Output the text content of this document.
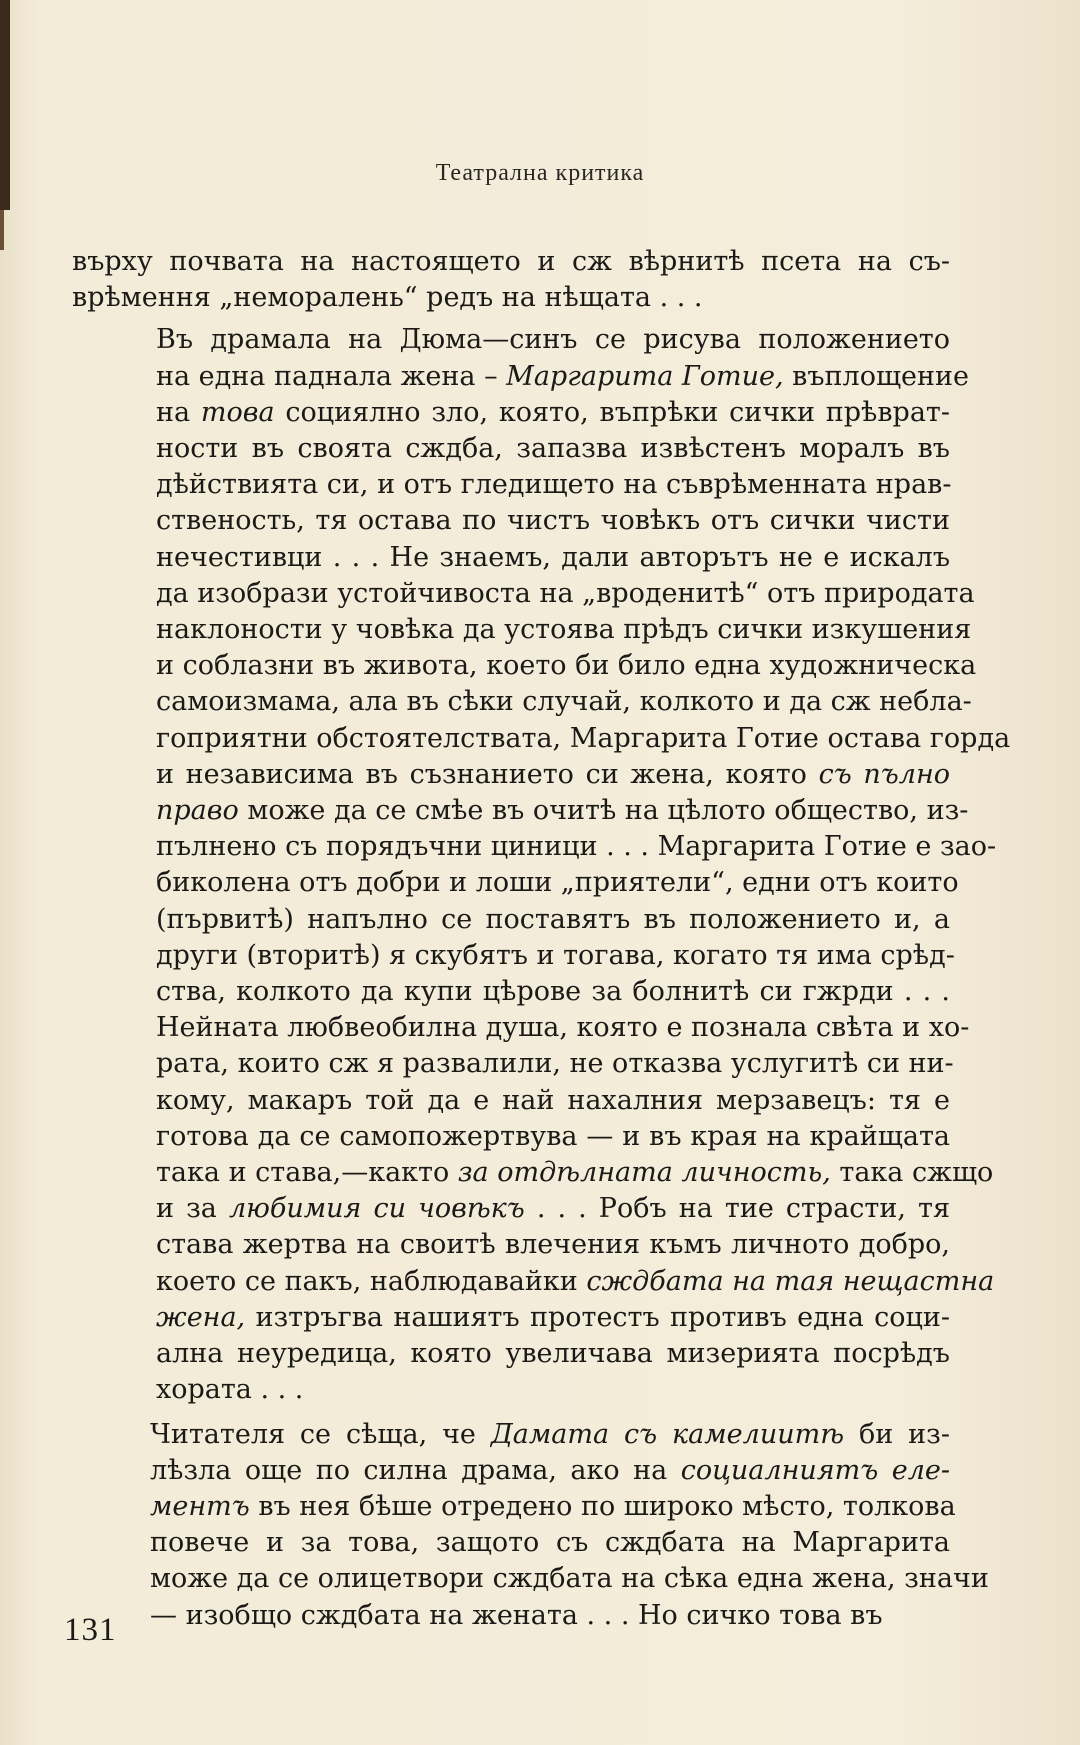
Театрална критика

върху почвата на настоящето и сж вѣрнитѣ псета на съ-
врѣмення „неморалень“ редъ на нѣщата . . .

Въ драмала на Дюма—синъ се рисува положението
на една паднала жена – Маргарита Готие, въплощение
на това социялно зло, която, въпрѣки сички прѣврат-
ности въ своята сждба, запазва извѣстенъ моралъ въ
дѣйствията си, и отъ гледището на съврѣменната нрав-
ственость, тя остава по чистъ човѣкъ отъ сички чисти
нечестивци . . . Не знаемъ, дали авторътъ не е искалъ
да изобрази устойчивоста на „вроденитѣ“ отъ природата
наклоности у човѣка да устоява прѣдъ сички изкушения
и соблазни въ живота, което би било една художническа
самоизмама, ала въ сѣки случай, колкото и да сж небла-
гоприятни обстоятелствата, Маргарита Готие остава горда
и независима въ съзнанието си жена, която съ пълно
право може да се смѣе въ очитѣ на цѣлото общество, из-
пълнено съ порядъчни циници . . . Маргарита Готие е зао-
биколена отъ добри и лоши „приятели“, едни отъ които
(първитѣ) напълно се поставятъ въ положението и, а
други (вторитѣ) я скубятъ и тогава, когато тя има срѣд-
ства, колкото да купи цѣрове за болнитѣ си гжрди . . .
Нейната любвеобилна душа, която е познала свѣта и хо-
рата, които сж я развалили, не отказва услугитѣ си ни-
кому, макаръ той да е най нахалния мерзавецъ: тя е
готова да се самопожертвува — и въ края на крайщата
така и става,—както за отдѣлната личность, така сжщо
и за любимия си човѣкъ . . . Робъ на тие страсти, тя
става жертва на своитѣ влечения къмъ личното добро,
което се пакъ, наблюдавайки сждбата на тая нещастна
жена, изтръгва нашиятъ протестъ противъ една соци-
ална неуредица, която увеличава мизерията посрѣдъ
хората . . .

Читателя се сѣща, че Дамата съ камелиитѣ би из-
лѣзла още по силна драма, ако на социалниятъ еле-
ментъ въ нея бѣше отредено по широко мѣсто, толкова
повече и за това, защото съ сждбата на Маргарита
може да се олицетвори сждбата на сѣка една жена, значи
— изобщо сждбата на жената . . . Но сичко това въ

131
